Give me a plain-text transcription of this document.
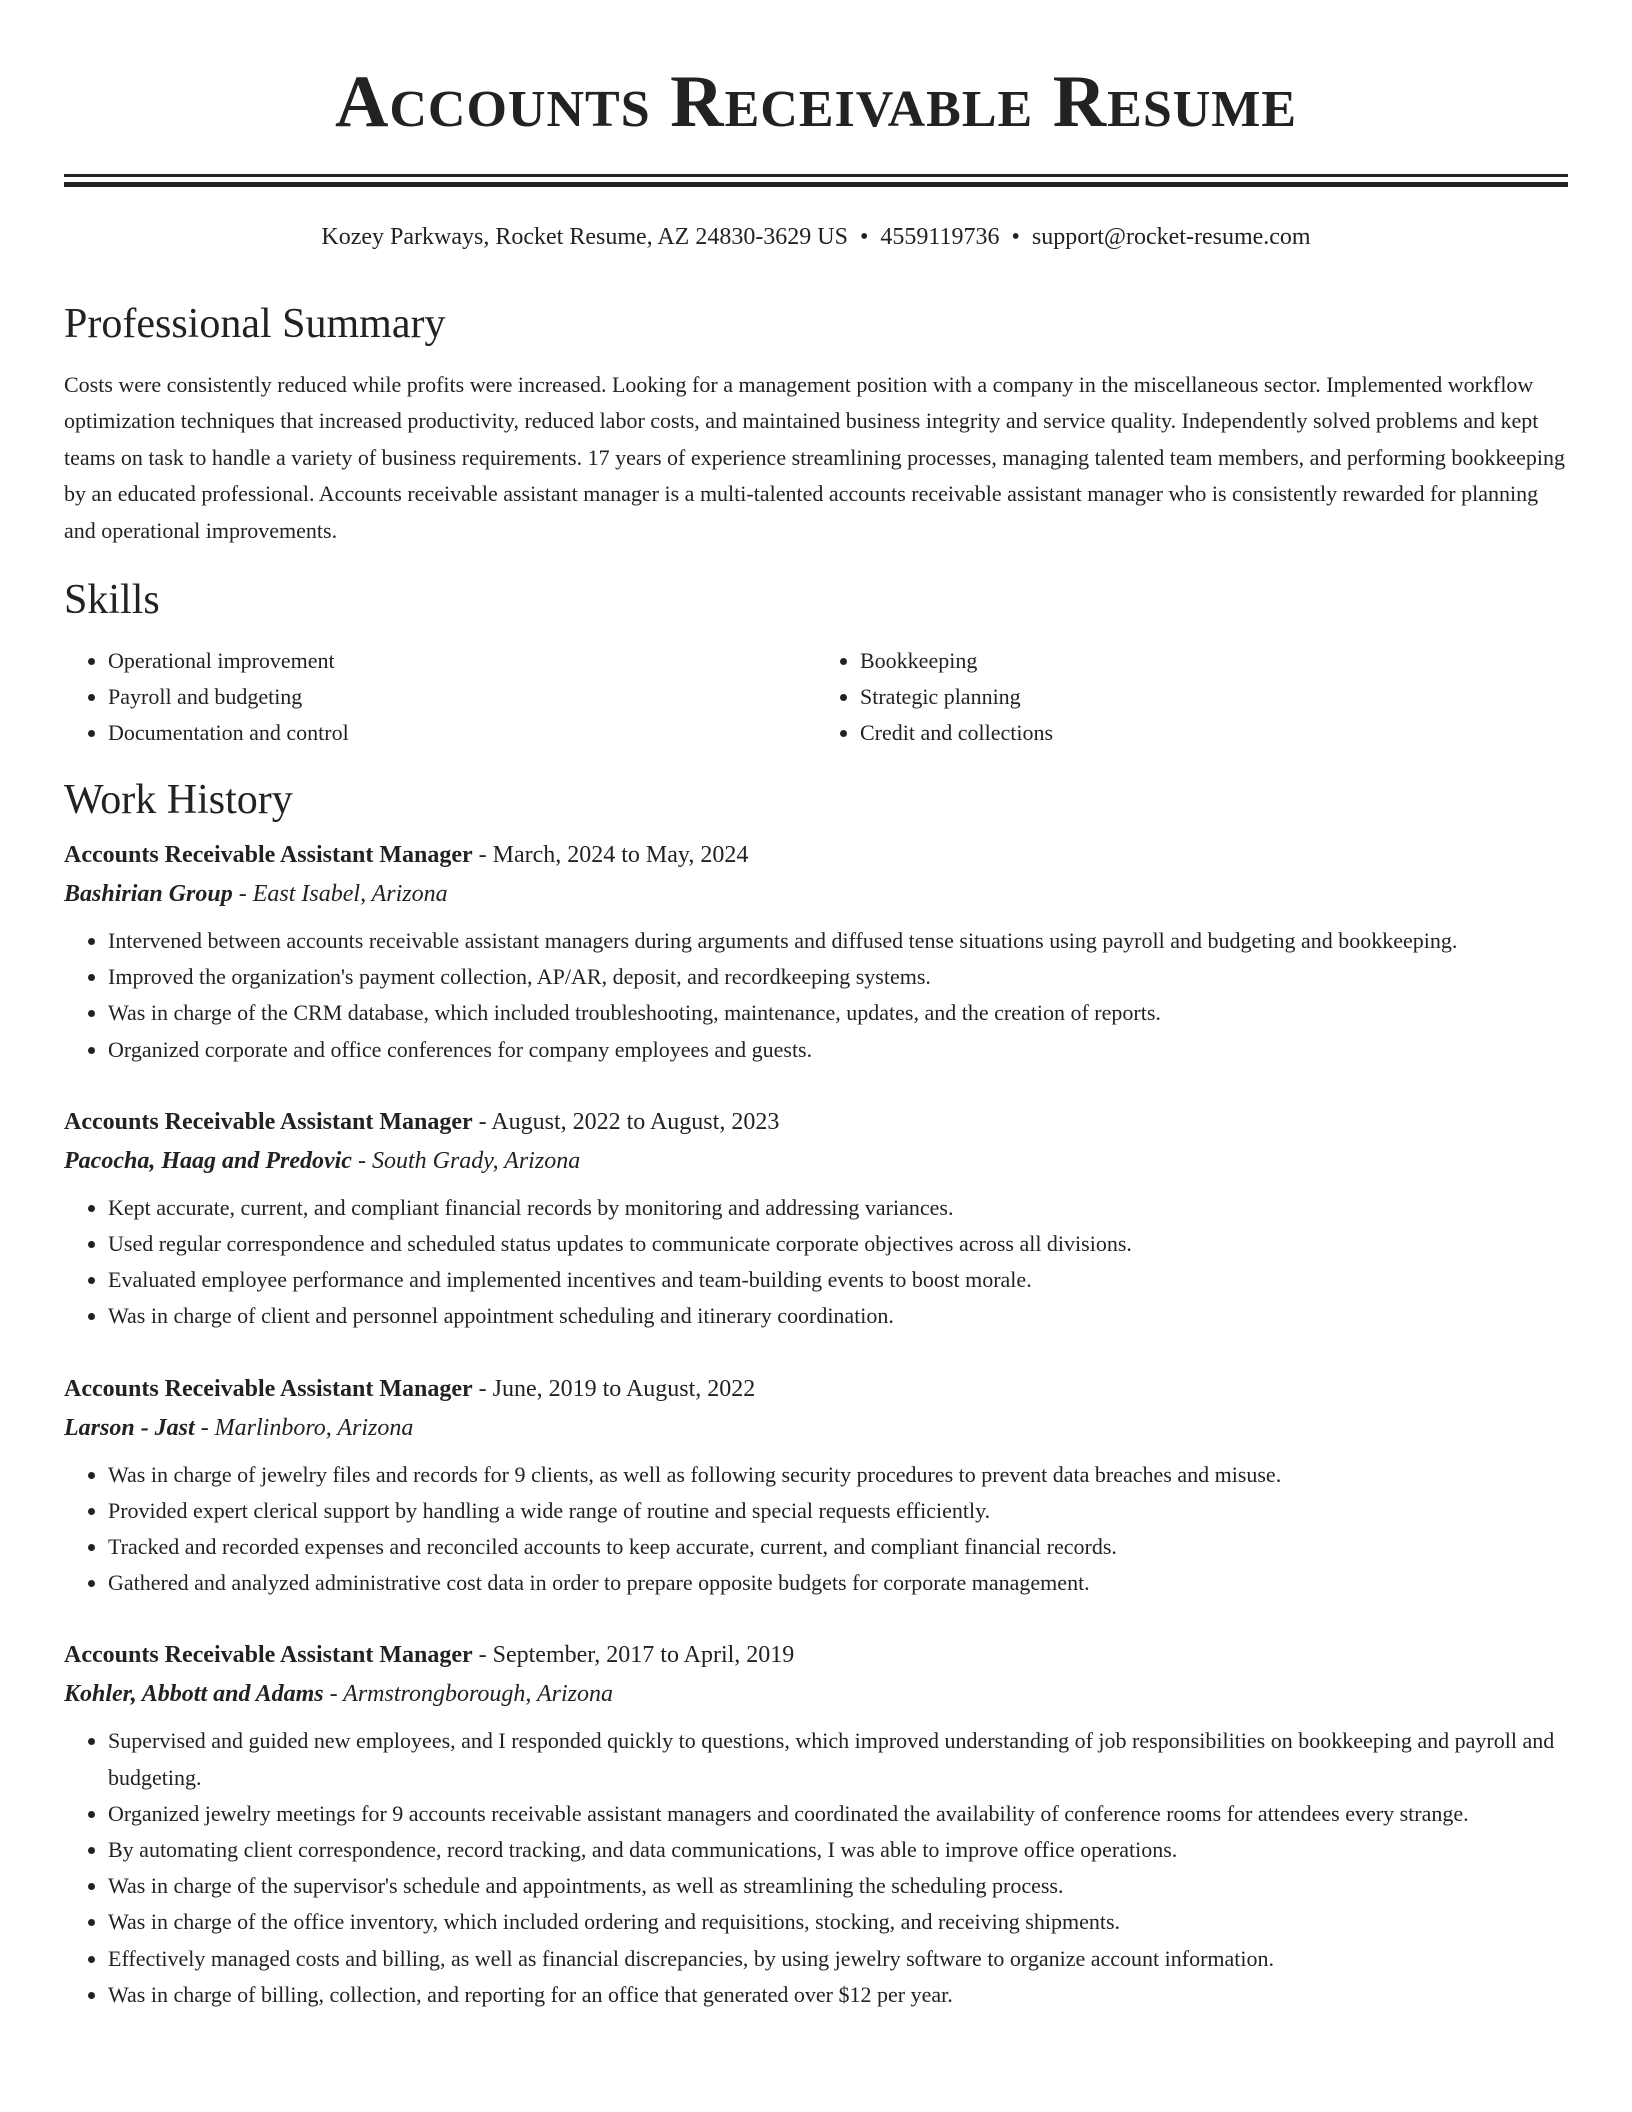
Accounts Receivable Resume
Kozey Parkways, Rocket Resume, AZ 24830-3629 US • 4559119736 • support@rocket-resume.com
Professional Summary
Costs were consistently reduced while profits were increased. Looking for a management position with a company in the miscellaneous sector. Implemented workflow optimization techniques that increased productivity, reduced labor costs, and maintained business integrity and service quality. Independently solved problems and kept teams on task to handle a variety of business requirements. 17 years of experience streamlining processes, managing talented team members, and performing bookkeeping by an educated professional. Accounts receivable assistant manager is a multi-talented accounts receivable assistant manager who is consistently rewarded for planning and operational improvements.
Skills
• Operational improvement
• Payroll and budgeting
• Documentation and control
• Bookkeeping
• Strategic planning
• Credit and collections
Work History
Accounts Receivable Assistant Manager - March, 2024 to May, 2024
Bashirian Group - East Isabel, Arizona
• Intervened between accounts receivable assistant managers during arguments and diffused tense situations using payroll and budgeting and bookkeeping.
• Improved the organization's payment collection, AP/AR, deposit, and recordkeeping systems.
• Was in charge of the CRM database, which included troubleshooting, maintenance, updates, and the creation of reports.
• Organized corporate and office conferences for company employees and guests.
Accounts Receivable Assistant Manager - August, 2022 to August, 2023
Pacocha, Haag and Predovic - South Grady, Arizona
• Kept accurate, current, and compliant financial records by monitoring and addressing variances.
• Used regular correspondence and scheduled status updates to communicate corporate objectives across all divisions.
• Evaluated employee performance and implemented incentives and team-building events to boost morale.
• Was in charge of client and personnel appointment scheduling and itinerary coordination.
Accounts Receivable Assistant Manager - June, 2019 to August, 2022
Larson - Jast - Marlinboro, Arizona
• Was in charge of jewelry files and records for 9 clients, as well as following security procedures to prevent data breaches and misuse.
• Provided expert clerical support by handling a wide range of routine and special requests efficiently.
• Tracked and recorded expenses and reconciled accounts to keep accurate, current, and compliant financial records.
• Gathered and analyzed administrative cost data in order to prepare opposite budgets for corporate management.
Accounts Receivable Assistant Manager - September, 2017 to April, 2019
Kohler, Abbott and Adams - Armstrongborough, Arizona
• Supervised and guided new employees, and I responded quickly to questions, which improved understanding of job responsibilities on bookkeeping and payroll and budgeting.
• Organized jewelry meetings for 9 accounts receivable assistant managers and coordinated the availability of conference rooms for attendees every strange.
• By automating client correspondence, record tracking, and data communications, I was able to improve office operations.
• Was in charge of the supervisor's schedule and appointments, as well as streamlining the scheduling process.
• Was in charge of the office inventory, which included ordering and requisitions, stocking, and receiving shipments.
• Effectively managed costs and billing, as well as financial discrepancies, by using jewelry software to organize account information.
• Was in charge of billing, collection, and reporting for an office that generated over $12 per year.
